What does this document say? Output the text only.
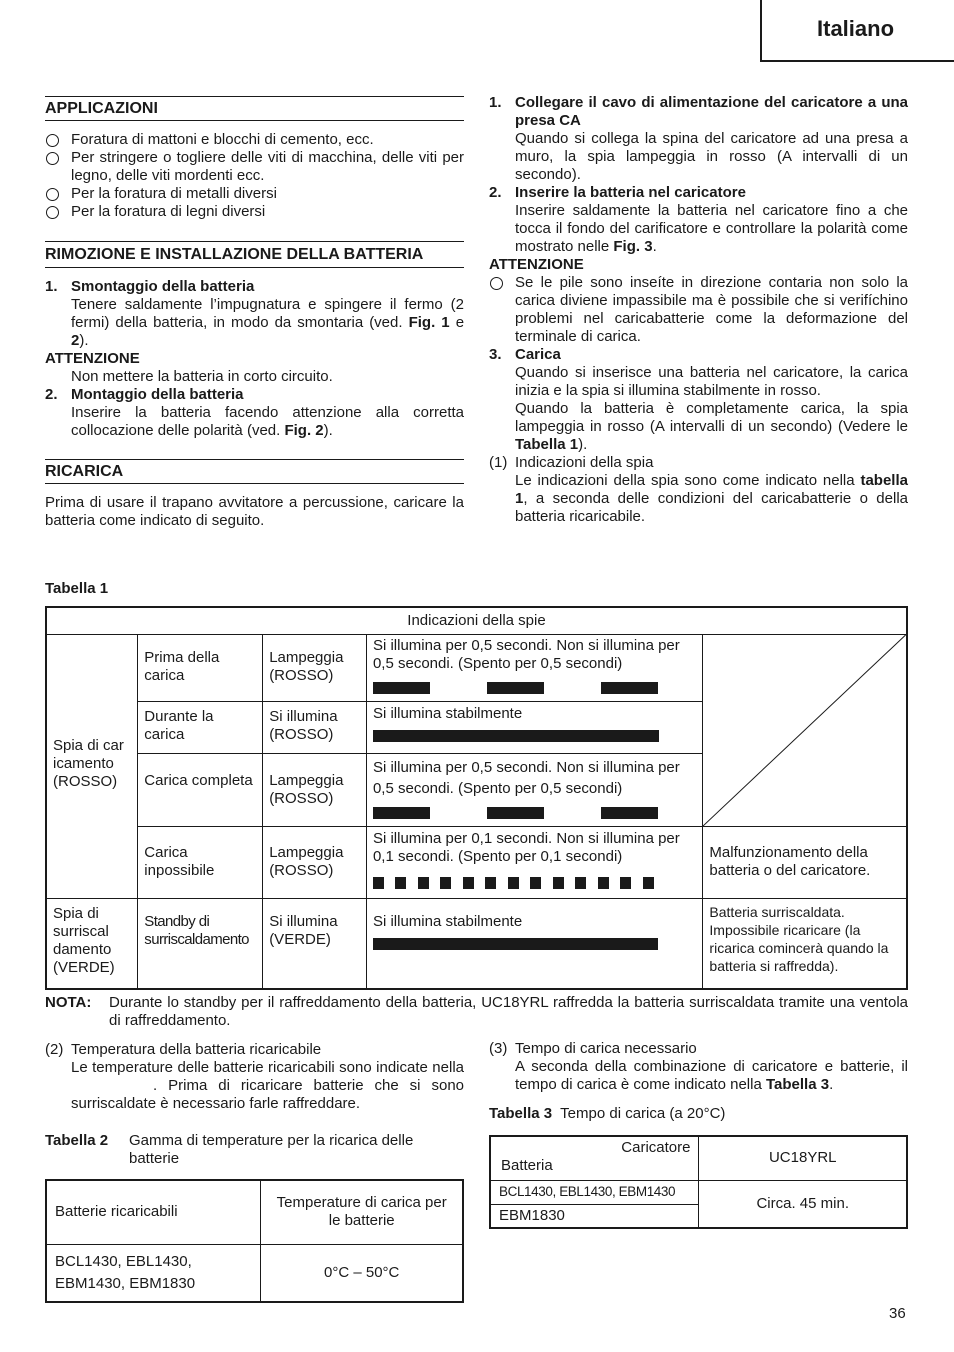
Italiano
APPLICAZIONI

Foratura di mattoni e blocchi di cemento, ecc.

Per stringere o togliere delle viti di macchina, delle viti per legno, delle viti mordenti ecc.

Per la foratura di metalli diversi

Per la foratura di legni diversi

RIMOZIONE E INSTALLAZIONE DELLA BATTERIA

1. Smontaggio della batteria

Tenere saldamente l’impugnatura e spingere il fermo (2 fermi) della batteria, in modo da smontaria (ved. Fig. 1 e 2).

ATTENZIONE

Non mettere la batteria in corto circuito.

2. Montaggio della batteria

Inserire la batteria facendo attenzione alla corretta collocazione delle polarità (ved. Fig. 2).

RICARICA

Prima di usare il trapano avvitatore a percussione, caricare la batteria come indicato di seguito.

1. Collegare il cavo di alimentazione del caricatore a una presa CA

Quando si collega la spina del caricatore ad una presa a muro, la spia lampeggia in rosso (A intervalli di un secondo).

2. Inserire la batteria nel caricatore

Inserire saldamente la batteria nel caricatore fino a che tocca il fondo del carificatore e controllare la polarità come mostrato nelle Fig. 3.

ATTENZIONE

Se le pile sono inseíte in direzione contaria non solo la carica diviene impassibile ma è possibile che si verifíchino problemi nel caricabatterie come la deformazione del terminale di carica.

3. Carica

Quando si inserisce una batteria nel caricatore, la carica inizia e la spia si illumina stabilmente in rosso.

Quando la batteria è completamente carica, la spia lampeggia in rosso (A intervalli di un secondo) (Vedere le Tabella 1).

(1) Indicazioni della spia

Le indicazioni della spia sono come indicato nella tabella 1, a seconda delle condizioni del caricabatterie o della batteria ricaricabile.

Tabella 1
Indicazioni della spie				
Spia di car icamento (ROSSO)	Prima della carica	Lampeggia (ROSSO)	Si illumina per 0,5 secondi. Non si illumina per 0,5 secondi. (Spento per 0,5 secondi)

	Durante la carica	Si illumina (ROSSO)	Si illumina stabilmente	

	Carica completa	Lampeggia (ROSSO)	Si illumina per 0,5 secondi. Non si illumina per 0,5 secondi. (Spento per 0,5 secondi)	

	Carica inpossibile	Lampeggia (ROSSO)	Si illumina per 0,1 secondi. Non si illumina per 0,1 secondi. (Spento per 0,1 secondi)	Malfunzionamento della batteria o del caricatore.
Spia di surriscal damento (VERDE)	Standby di surriscaldamento	Si illumina (VERDE)	Si illumina stabilmente	Batteria surriscaldata. Impossibile ricaricare (la ricarica comincerà quando la batteria si raffredda).
NOTA: Durante lo standby per il raffreddamento della batteria, UC18YRL raffredda la batteria surriscaldata tramite una ventola di raffreddamento.

(2) Temperatura della batteria ricaricabile

Le temperature delle batterie ricaricabili sono indicate nella. Prima di ricaricare batterie che si sono surriscaldate è necessario farle raffreddare.

Tabella 2 Gamma di temperature per la ricarica delle batterie
Batterie ricaricabili	Temperature di carica per le batterie
BCL1430, EBL1430, EBM1430, EBM1830	0°C – 50°C

(3) Tempo di carica necessario

A seconda della combinazione di caricatore e batterie, il tempo di carica è come indicato nella Tabella 3.

Tabella 3 Tempo di carica (a 20°C)
Caricatore
Batteria	UC18YRL
BCL1430, EBL1430, EBM1430	Circa. 45 min.
EBM1830	
36
